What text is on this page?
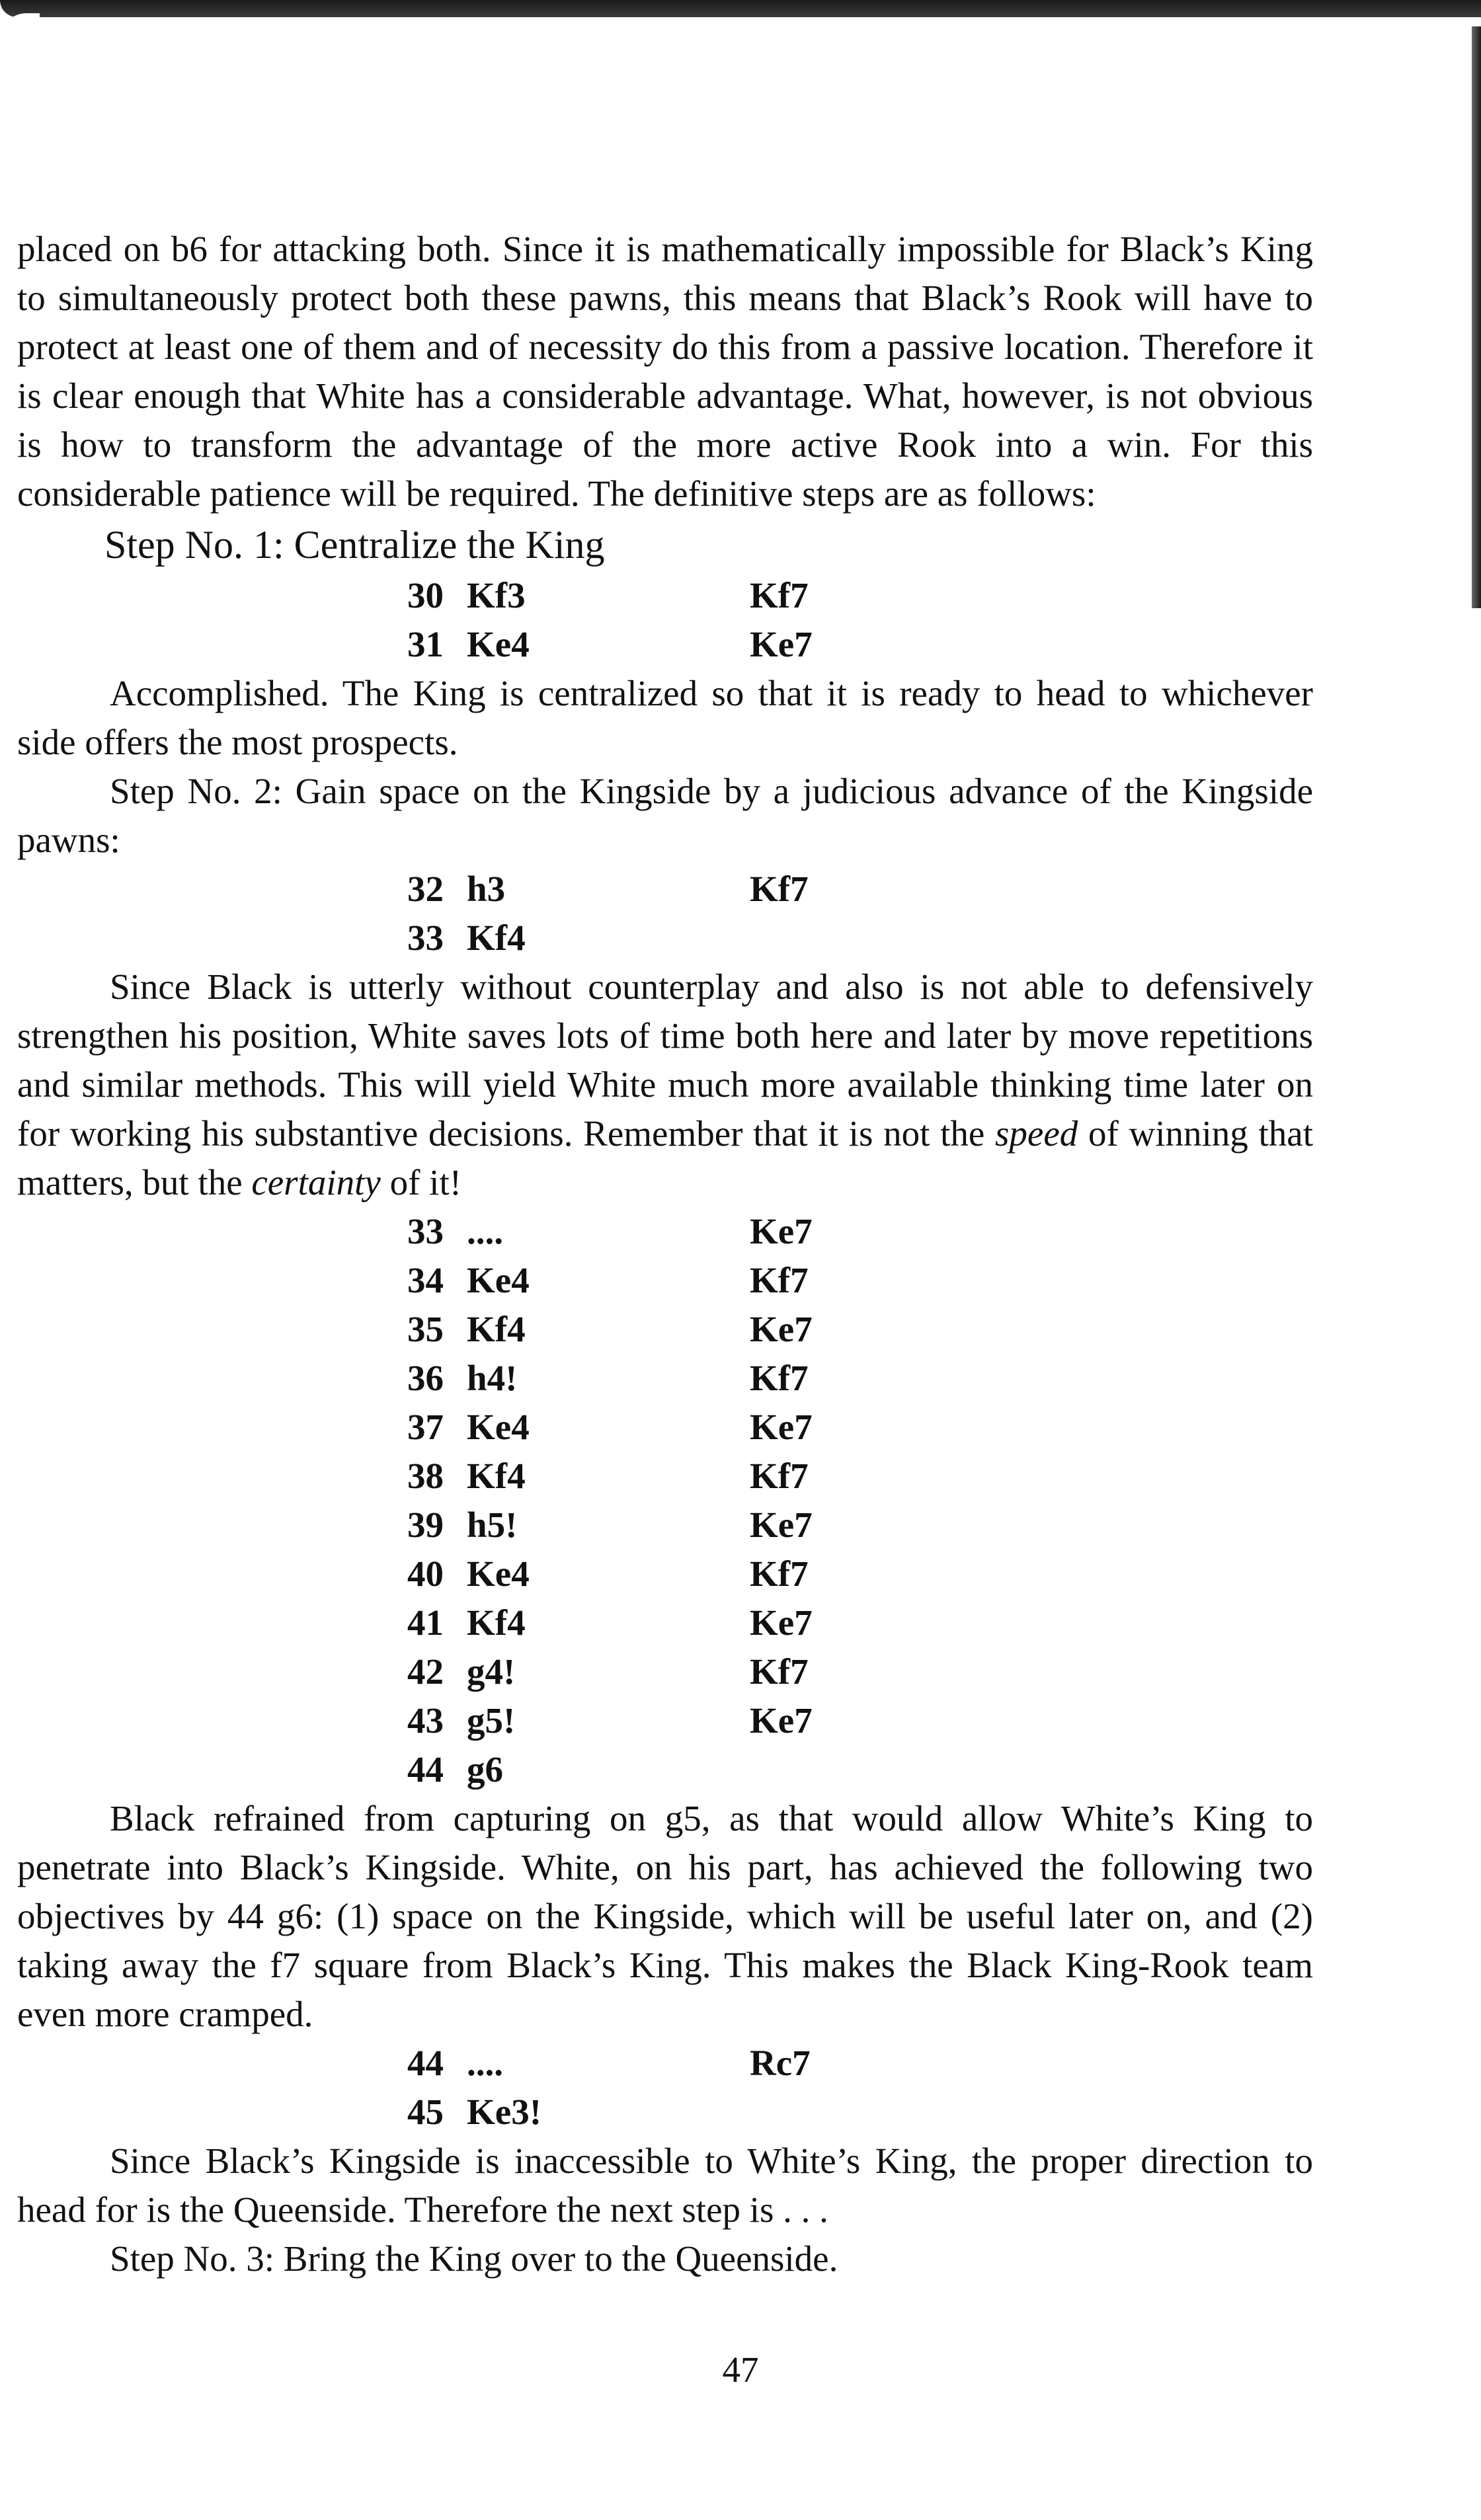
placed on b6 for attacking both. Since it is mathematically impossible for Black’s King to simultaneously protect both these pawns, this means that Black’s Rook will have to protect at least one of them and of necessity do this from a passive location. Therefore it is clear enough that White has a considerable advantage. What, however, is not obvious is how to transform the advantage of the more active Rook into a win. For this considerable patience will be required. The definitive steps are as follows:

Step No. 1: Centralize the King
30 Kf3	Kf7
31 Ke4	Ke7

Accomplished. The King is centralized so that it is ready to head to whichever side offers the most prospects.

Step No. 2: Gain space on the Kingside by a judicious advance of the Kingside pawns:

32 h3	Kf7
33 Kf4

Since Black is utterly without counterplay and also is not able to defensively strengthen his position, White saves lots of time both here and later by move repetitions and similar methods. This will yield White much more available thinking time later on for working his substantive decisions. Remember that it is not the speed of winning that matters, but the certainty of it!

33 ....	Ke7
34 Ke4	Kf7
35 Kf4	Ke7
36 h4!	Kf7
37 Ke4	Ke7
38 Kf4	Kf7
39 h5!	Ke7
40 Ke4	Kf7
41 Kf4	Ke7
42 g4!	Kf7
43 g5!	Ke7
44 g6

Black refrained from capturing on g5, as that would allow White’s King to penetrate into Black’s Kingside. White, on his part, has achieved the following two objectives by 44 g6: (1) space on the Kingside, which will be useful later on, and (2) taking away the f7 square from Black’s King. This makes the Black King-Rook team even more cramped.

44 ....	Rc7
45 Ke3!

Since Black’s Kingside is inaccessible to White’s King, the proper direction to head for is the Queenside. Therefore the next step is . . .

Step No. 3: Bring the King over to the Queenside.

47
